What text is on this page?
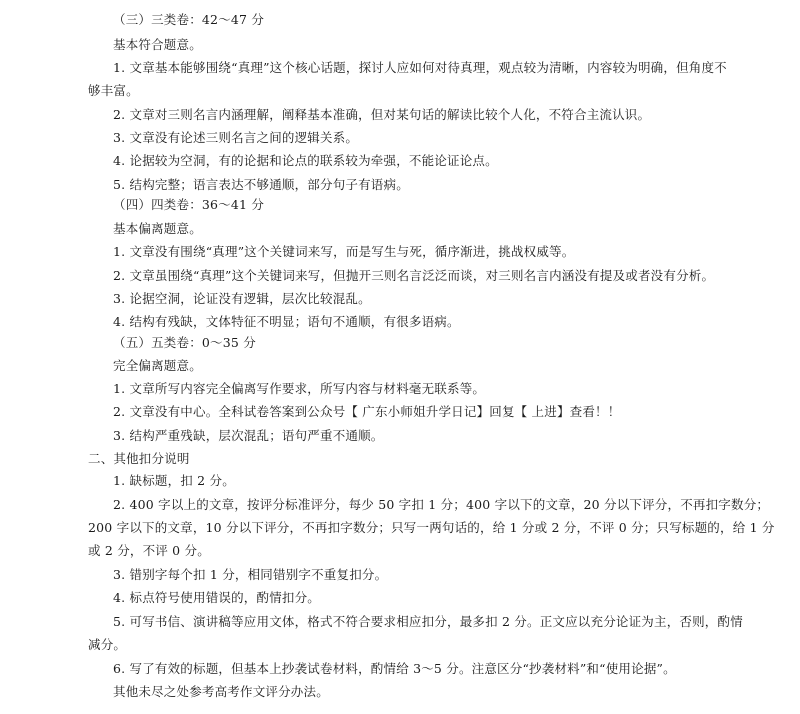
（三）三类卷：42～47 分
基本符合题意。
1. 文章基本能够围绕“真理”这个核心话题，探讨人应如何对待真理，观点较为清晰，内容较为明确，但角度不
够丰富。
2. 文章对三则名言内涵理解，阐释基本准确，但对某句话的解读比较个人化，不符合主流认识。
3. 文章没有论述三则名言之间的逻辑关系。
4. 论据较为空洞，有的论据和论点的联系较为牵强，不能论证论点。
5. 结构完整；语言表达不够通顺，部分句子有语病。
（四）四类卷：36～41 分
基本偏离题意。
1. 文章没有围绕“真理”这个关键词来写，而是写生与死，循序渐进，挑战权威等。
2. 文章虽围绕“真理”这个关键词来写，但抛开三则名言泛泛而谈，对三则名言内涵没有提及或者没有分析。
3. 论据空洞，论证没有逻辑，层次比较混乱。
4. 结构有残缺，文体特征不明显；语句不通顺，有很多语病。
（五）五类卷：0～35 分
完全偏离题意。
1. 文章所写内容完全偏离写作要求，所写内容与材料毫无联系等。
2. 文章没有中心。全科试卷答案到公众号【 广东小师姐升学日记】回复【 上进】查看！！
3. 结构严重残缺，层次混乱；语句严重不通顺。
二、其他扣分说明
1. 缺标题，扣 2 分。
2. 400 字以上的文章，按评分标准评分，每少 50 字扣 1 分；400 字以下的文章，20 分以下评分，不再扣字数分；
200 字以下的文章，10 分以下评分，不再扣字数分；只写一两句话的，给 1 分或 2 分，不评 0 分；只写标题的，给 1 分
或 2 分，不评 0 分。
3. 错别字每个扣 1 分，相同错别字不重复扣分。
4. 标点符号使用错误的，酌情扣分。
5. 可写书信、演讲稿等应用文体，格式不符合要求相应扣分，最多扣 2 分。正文应以充分论证为主，否则，酌情
减分。
6. 写了有效的标题，但基本上抄袭试卷材料，酌情给 3～5 分。注意区分“抄袭材料”和“使用论据”。
其他未尽之处参考高考作文评分办法。
